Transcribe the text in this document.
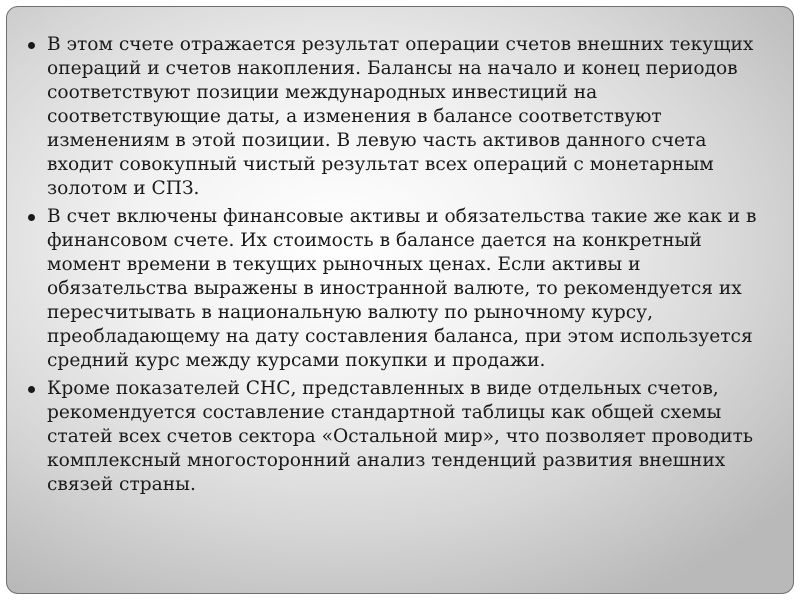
В этом счете отражается результат операции счетов внешних текущих операций и счетов накопления. Балансы на начало и конец периодов соответствуют позиции международных инвестиций на соответствующие даты, а изменения в балансе соответствуют изменениям в этой позиции. В левую часть активов данного счета входит совокупный чистый результат всех операций с монетарным золотом и СПЗ.
В счет включены финансовые активы и обязательства такие же как и в финансовом счете. Их стоимость в балансе дается на конкретный момент времени в текущих рыночных ценах. Если активы и обязательства выражены в иностранной валюте, то рекомендуется их пересчитывать в национальную валюту по рыночному курсу, преобладающему на дату составления баланса, при этом используется средний курс между курсами покупки и продажи.
Кроме показателей СНС, представленных в виде отдельных счетов, рекомендуется составление стандартной таблицы как общей схемы статей всех счетов сектора «Остальной мир», что позволяет проводить комплексный многосторонний анализ тенденций развития внешних связей страны.
